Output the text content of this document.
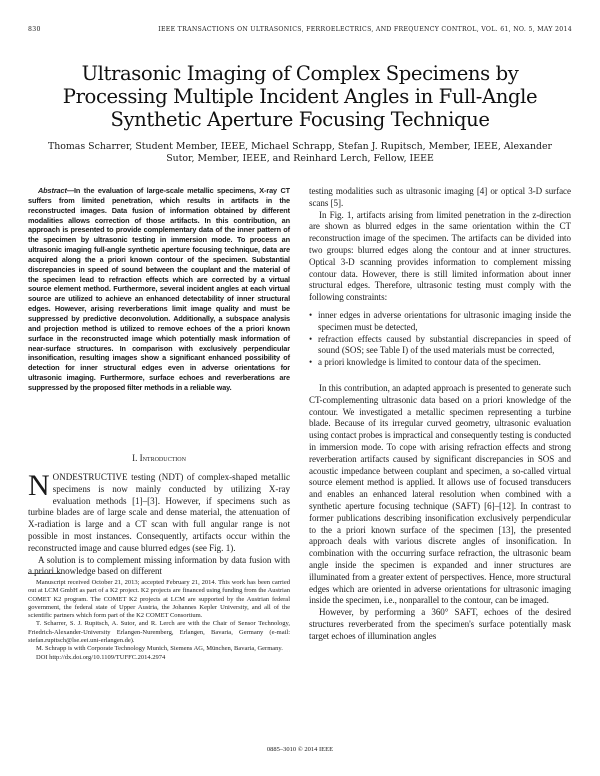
830	IEEE TRANSACTIONS ON ULTRASONICS, FERROELECTRICS, AND FREQUENCY CONTROL, VOL. 61, NO. 5, MAY 2014
Ultrasonic Imaging of Complex Specimens by Processing Multiple Incident Angles in Full-Angle Synthetic Aperture Focusing Technique
Thomas Scharrer, Student Member, IEEE, Michael Schrapp, Stefan J. Rupitsch, Member, IEEE, Alexander Sutor, Member, IEEE, and Reinhard Lerch, Fellow, IEEE

Abstract—In the evaluation of large-scale metallic specimens, X-ray CT suffers from limited penetration, which results in artifacts in the reconstructed images. Data fusion of information obtained by different modalities allows correction of those artifacts. In this contribution, an approach is presented to provide complementary data of the inner pattern of the specimen by ultrasonic testing in immersion mode. To process an ultrasonic imaging full-angle synthetic aperture focusing technique, data are acquired along the a priori known contour of the specimen. Substantial discrepancies in speed of sound between the couplant and the material of the specimen lead to refraction effects which are corrected by a virtual source element method. Furthermore, several incident angles at each virtual source are utilized to achieve an enhanced detectability of inner structural edges. However, arising reverberations limit image quality and must be suppressed by predictive deconvolution. Additionally, a subspace analysis and projection method is utilized to remove echoes of the a priori known surface in the reconstructed image which potentially mask information of near-surface structures. In comparison with exclusively perpendicular insonification, resulting images show a significant enhanced possibility of detection for inner structural edges even in adverse orientations for ultrasonic imaging. Furthermore, surface echoes and reverberations are suppressed by the proposed filter methods in a reliable way.

I. Introduction

NONDESTRUCTIVE testing (NDT) of complex-shaped metallic specimens is now mainly conducted by utilizing X-ray evaluation methods [1]–[3]. However, if specimens such as turbine blades are of large scale and dense material, the attenuation of X-radiation is large and a CT scan with full angular range is not possible in most instances. Consequently, artifacts occur within the reconstructed image and cause blurred edges (see Fig. 1).

A solution is to complement missing information by data fusion with a priori knowledge based on different

Manuscript received October 21, 2013; accepted February 21, 2014. This work has been carried out at LCM GmbH as part of a K2 project. K2 projects are financed using funding from the Austrian COMET K2 program. The COMET K2 projects at LCM are supported by the Austrian federal government, the federal state of Upper Austria, the Johannes Kepler University, and all of the scientific partners which form part of the K2 COMET Consortium.

T. Scharrer, S. J. Rupitsch, A. Sutor, and R. Lerch are with the Chair of Sensor Technology, Friedrich-Alexander-University Erlangen-Nuremberg, Erlangen, Bavaria, Germany (e-mail: stefan.rupitsch@lse.eei.uni-erlangen.de).

M. Schrapp is with Corporate Technology Munich, Siemens AG, München, Bavaria, Germany.

DOI http://dx.doi.org/10.1109/TUFFC.2014.2974

testing modalities such as ultrasonic imaging [4] or optical 3-D surface scans [5].

In Fig. 1, artifacts arising from limited penetration in the z-direction are shown as blurred edges in the same orientation within the CT reconstruction image of the specimen. The artifacts can be divided into two groups: blurred edges along the contour and at inner structures. Optical 3-D scanning provides information to complement missing contour data. However, there is still limited information about inner structural edges. Therefore, ultrasonic testing must comply with the following constraints:

• inner edges in adverse orientations for ultrasonic imaging inside the specimen must be detected,
• refraction effects caused by substantial discrepancies in speed of sound (SOS; see Table I) of the used materials must be corrected,
• a priori knowledge is limited to contour data of the specimen.

In this contribution, an adapted approach is presented to generate such CT-complementing ultrasonic data based on a priori knowledge of the contour. We investigated a metallic specimen representing a turbine blade. Because of its irregular curved geometry, ultrasonic evaluation using contact probes is impractical and consequently testing is conducted in immersion mode. To cope with arising refraction effects and strong reverberation artifacts caused by significant discrepancies in SOS and acoustic impedance between couplant and specimen, a so-called virtual source element method is applied. It allows use of focused transducers and enables an enhanced lateral resolution when combined with a synthetic aperture focusing technique (SAFT) [6]–[12]. In contrast to former publications describing insonification exclusively perpendicular to the a priori known surface of the specimen [13], the presented approach deals with various discrete angles of insonification. In combination with the occurring surface refraction, the ultrasonic beam angle inside the specimen is expanded and inner structures are illuminated from a greater extent of perspectives. Hence, more structural edges which are oriented in adverse orientations for ultrasonic imaging inside the specimen, i.e., nonparallel to the contour, can be imaged.

However, by performing a 360° SAFT, echoes of the desired structures reverberated from the specimen's surface potentially mask target echoes of illumination angles

0885–3010 © 2014 IEEE
